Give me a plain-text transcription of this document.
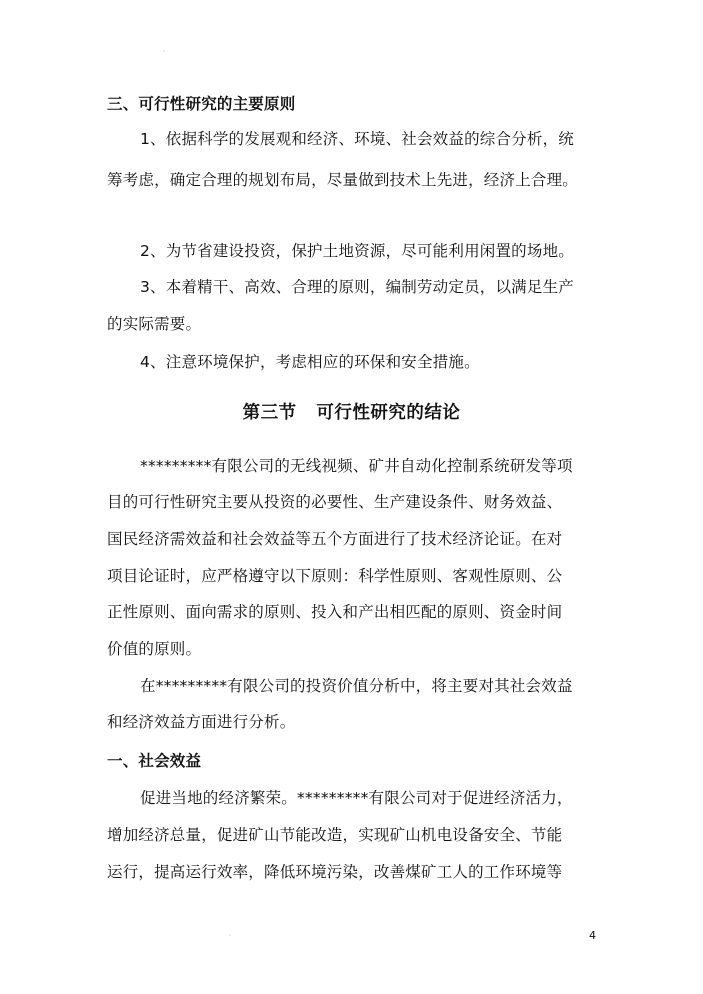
三、可行性研究的主要原则
1、依据科学的发展观和经济、环境、社会效益的综合分析，统
筹考虑，确定合理的规划布局，尽量做到技术上先进，经济上合理。
2、为节省建设投资，保护土地资源，尽可能利用闲置的场地。
3、本着精干、高效、合理的原则，编制劳动定员，以满足生产
的实际需要。
4、注意环境保护，考虑相应的环保和安全措施。
第三节   可行性研究的结论
*********有限公司的无线视频、矿井自动化控制系统研发等项
目的可行性研究主要从投资的必要性、生产建设条件、财务效益、
国民经济需效益和社会效益等五个方面进行了技术经济论证。在对
项目论证时，应严格遵守以下原则：科学性原则、客观性原则、公
正性原则、面向需求的原则、投入和产出相匹配的原则、资金时间
价值的原则。
在*********有限公司的投资价值分析中，将主要对其社会效益
和经济效益方面进行分析。
一、社会效益
促进当地的经济繁荣。*********有限公司对于促进经济活力，
增加经济总量，促进矿山节能改造，实现矿山机电设备安全、节能
运行，提高运行效率，降低环境污染，改善煤矿工人的工作环境等
4
